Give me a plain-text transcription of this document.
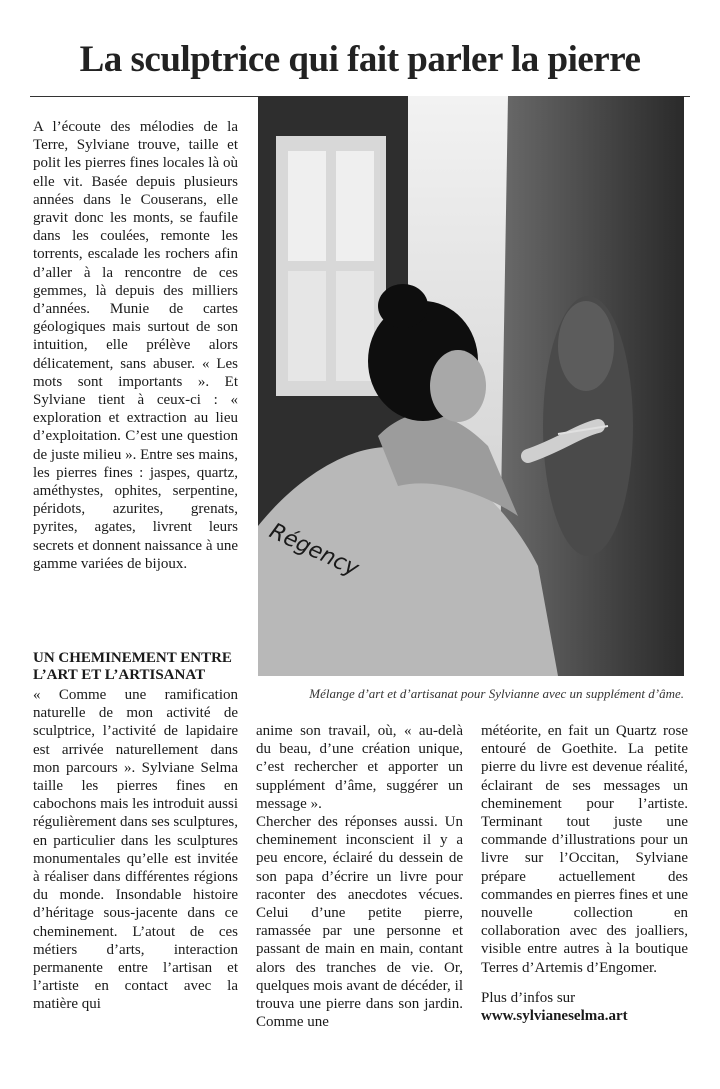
La sculptrice qui fait parler la pierre

A l’écoute des mélodies de la Terre, Sylviane trouve, taille et polit les pierres fines locales là où elle vit. Basée depuis plusieurs années dans le Couserans, elle gravit donc les monts, se faufile dans les coulées, remonte les torrents, escalade les rochers afin d’aller à la rencontre de ces gemmes, là depuis des milliers d’années. Munie de cartes géologiques mais surtout de son intuition, elle prélève alors délicatement, sans abuser. « Les mots sont importants ». Et Sylviane tient à ceux-ci : « exploration et extraction au lieu d’exploitation. C’est une question de juste milieu ». Entre ses mains, les pierres fines : jaspes, quartz, améthystes, ophites, serpentine, péridots, azurites, grenats, pyrites, agates, livrent leurs secrets et donnent naissance à une gamme variées de bijoux.

UN CHEMINEMENT ENTRE L’ART ET L’ARTISANAT

« Comme une ramification naturelle de mon activité de sculptrice, l’activité de lapidaire est arrivée naturellement dans mon parcours ». Sylviane Selma taille les pierres fines en cabochons mais les introduit aussi régulièrement dans ses sculptures, en particulier dans les sculptures monumentales qu’elle est invitée à réaliser dans différentes régions du monde. Insondable histoire d’héritage sous-jacente dans ce cheminement. L’atout de ces métiers d’arts, interaction permanente entre l’artisan et l’artiste en contact avec la matière qui

Régency

Mélange d’art et d’artisanat pour Sylvianne avec un supplément d’âme.

anime son travail, où, « au-delà du beau, d’une création unique, c’est rechercher et apporter un supplément d’âme, suggérer un message ».

Chercher des réponses aussi. Un cheminement inconscient il y a peu encore, éclairé du dessein de son papa d’écrire un livre pour raconter des anecdotes vécues. Celui d’une petite pierre, ramassée par une personne et passant de main en main, contant alors des tranches de vie. Or, quelques mois avant de décéder, il trouva une pierre dans son jardin. Comme une

météorite, en fait un Quartz rose entouré de Goethite. La petite pierre du livre est devenue réalité, éclairant de ses messages un cheminement pour l’artiste. Terminant tout juste une commande d’illustrations pour un livre sur l’Occitan, Sylviane prépare actuellement des commandes en pierres fines et une nouvelle collection en collaboration avec des joalliers, visible entre autres à la boutique Terres d’Artemis d’Engomer.

Plus d’infos sur
www.sylvianeselma.art
